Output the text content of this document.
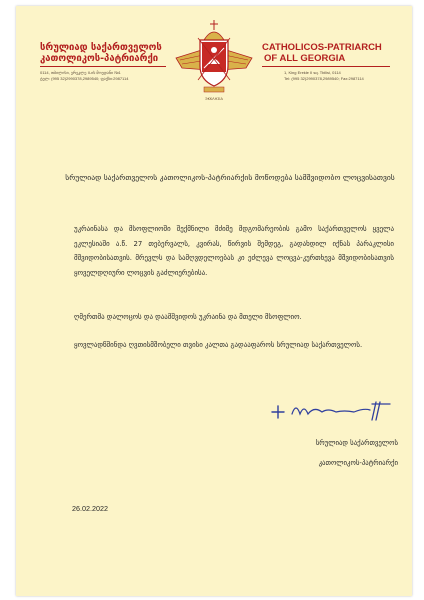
სრულიად საქართველოს
კათოლიკოს-პატრიარქი
0114, თბილისი, ერეკლე II-ის მოედანი №1
ტელ: (995 32)2990378,2989540; ფაქსი:2987114
ЭΚΚΛΗΣΙΑ
CATHOLICOS-PATRIARCH
OF ALL GEORGIA
1, King Erekle II sq. Tbilisi, 0114
Tel: (995 32)2990378,2989540; Fax:2987114
სრულიად საქართველოს კათოლიკოს-პატრიარქის მოწოდება სამშვიდობო ლოცვისათვის

უკრაინასა და მსოფლიოში შექმნილი მძიმე მდგომარეობის გამო საქართველოს ყველა ეკლესიაში ა.წ. 27 თებერვალს, კვირას, წირვის შემდეგ, გადახდილ იქნას პარაკლისი მშვიდობისათვის. მრევლს და სამღვდელოებას კი ეძლევა ლოცვა-კურთხევა მშვიდობისათვის ყოველდღიური ლოცვის გაძლიერებისა.

ღმერთმა დალოცოს და დაამშვიდოს უკრაინა და მთელი მსოფლიო.

ყოვლადწმინდა ღვთისმშობელი თვისი კალთა გადააფაროს სრულიად საქართველოს.

სრულიად საქართველოს
კათოლიკოს-პატრიარქი
26.02.2022
